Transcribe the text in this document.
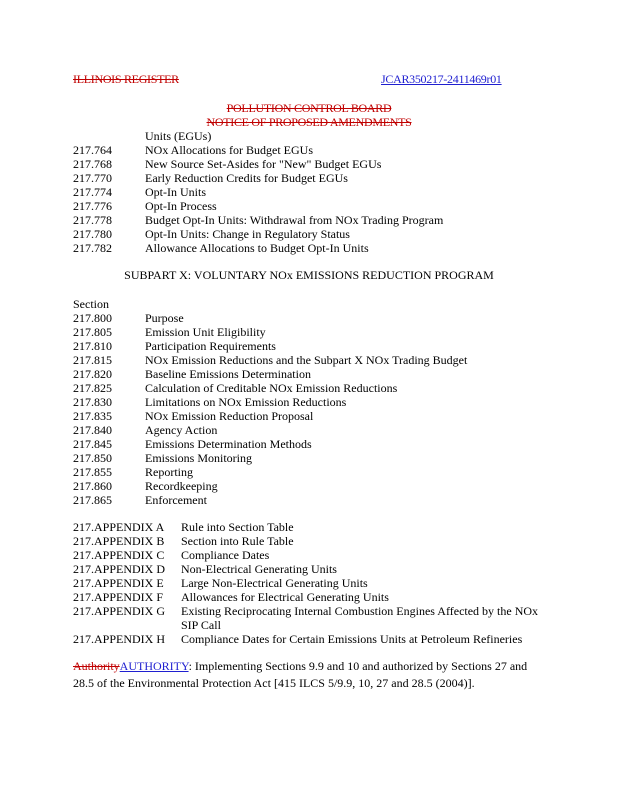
ILLINOIS REGISTER	JCAR350217-2411469r01
POLLUTION CONTROL BOARD
NOTICE OF PROPOSED AMENDMENTS
Units (EGUs)
217.764	NOx Allocations for Budget EGUs
217.768	New Source Set-Asides for "New" Budget EGUs
217.770	Early Reduction Credits for Budget EGUs
217.774	Opt-In Units
217.776	Opt-In Process
217.778	Budget Opt-In Units: Withdrawal from NOx Trading Program
217.780	Opt-In Units: Change in Regulatory Status
217.782	Allowance Allocations to Budget Opt-In Units
SUBPART X: VOLUNTARY NOx EMISSIONS REDUCTION PROGRAM
Section
217.800	Purpose
217.805	Emission Unit Eligibility
217.810	Participation Requirements
217.815	NOx Emission Reductions and the Subpart X NOx Trading Budget
217.820	Baseline Emissions Determination
217.825	Calculation of Creditable NOx Emission Reductions
217.830	Limitations on NOx Emission Reductions
217.835	NOx Emission Reduction Proposal
217.840	Agency Action
217.845	Emissions Determination Methods
217.850	Emissions Monitoring
217.855	Reporting
217.860	Recordkeeping
217.865	Enforcement
217.APPENDIX A Rule into Section Table
217.APPENDIX B Section into Rule Table
217.APPENDIX C Compliance Dates
217.APPENDIX D Non-Electrical Generating Units
217.APPENDIX E Large Non-Electrical Generating Units
217.APPENDIX F Allowances for Electrical Generating Units
217.APPENDIX G Existing Reciprocating Internal Combustion Engines Affected by the NOx
SIP Call
217.APPENDIX H Compliance Dates for Certain Emissions Units at Petroleum Refineries
AuthorityAUTHORITY: Implementing Sections 9.9 and 10 and authorized by Sections 27 and
28.5 of the Environmental Protection Act [415 ILCS 5/9.9, 10, 27 and 28.5 (2004)].
